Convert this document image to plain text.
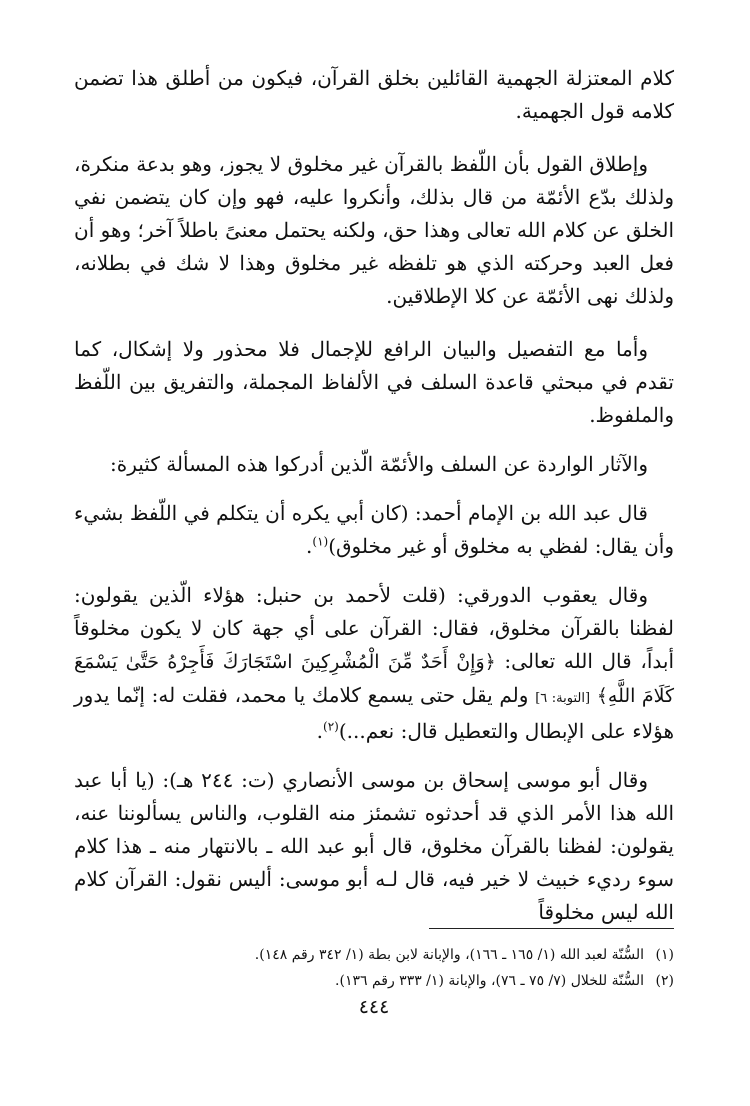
كلام المعتزلة الجهمية القائلين بخلق القرآن، فيكون من أطلق هذا تضمن كلامه قول الجهمية.

وإطلاق القول بأن اللّفظ بالقرآن غير مخلوق لا يجوز، وهو بدعة منكرة، ولذلك بدّع الأئمّة من قال بذلك، وأنكروا عليه، فهو وإن كان يتضمن نفي الخلق عن كلام الله تعالى وهذا حق، ولكنه يحتمل معنىً باطلاً آخر؛ وهو أن فعل العبد وحركته الذي هو تلفظه غير مخلوق وهذا لا شك في بطلانه، ولذلك نهى الأئمّة عن كلا الإطلاقين.

وأما مع التفصيل والبيان الرافع للإجمال فلا محذور ولا إشكال، كما تقدم في مبحثي قاعدة السلف في الألفاظ المجملة، والتفريق بين اللّفظ والملفوظ.

والآثار الواردة عن السلف والأئمّة الّذين أدركوا هذه المسألة كثيرة:

قال عبد الله بن الإمام أحمد: (كان أبي يكره أن يتكلم في اللّفظ بشيء وأن يقال: لفظي به مخلوق أو غير مخلوق)$^{(١)}$.

وقال يعقوب الدورقي: (قلت لأحمد بن حنبل: هؤلاء الّذين يقولون: لفظنا بالقرآن مخلوق، فقال: القرآن على أي جهة كان لا يكون مخلوقاً أبداً، قال الله تعالى: ﴿وَإِنْ أَحَدٌ مِّنَ الْمُشْرِكِينَ اسْتَجَارَكَ فَأَجِرْهُ حَتَّىٰ يَسْمَعَ كَلَامَ اللَّهِ﴾ [التوبة: ٦] ولم يقل حتى يسمع كلامك يا محمد، فقلت له: إنّما يدور هؤلاء على الإبطال والتعطيل قال: نعم...)$^{(٢)}$.

وقال أبو موسى إسحاق بن موسى الأنصاري (ت: ٢٤٤ هـ): (يا أبا عبد الله هذا الأمر الذي قد أحدثوه تشمئز منه القلوب، والناس يسألوننا عنه، يقولون: لفظنا بالقرآن مخلوق، قال أبو عبد الله ـ بالانتهار منه ـ هذا كلام سوء رديء خبيث لا خير فيه، قال لـه أبو موسى: أليس نقول: القرآن كلام الله ليس مخلوقاً

(١)السُّنّة لعبد الله (١/ ١٦٥ ـ ١٦٦)، والإبانة لابن بطة (١/ ٣٤٢ رقم ١٤٨).
(٢)السُّنّة للخلال (٧/ ٧٥ ـ ٧٦)، والإبانة (١/ ٣٣٣ رقم ١٣٦).
٤٤٤
